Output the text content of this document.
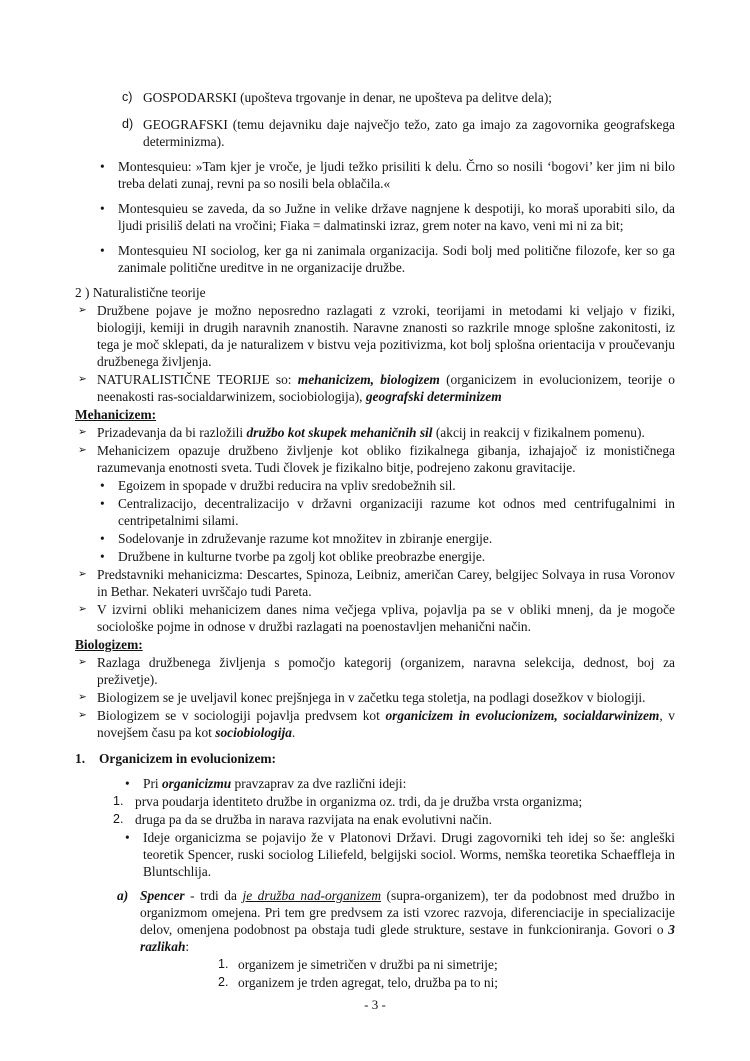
c) GOSPODARSKI (upošteva trgovanje in denar, ne upošteva pa delitve dela);
d) GEOGRAFSKI (temu dejavniku daje največjo težo, zato ga imajo za zagovornika geografskega determinizma).
• Montesquieu: »Tam kjer je vroče, je ljudi težko prisiliti k delu. Črno so nosili ‘bogovi’ ker jim ni bilo treba delati zunaj, revni pa so nosili bela oblačila.«
• Montesquieu se zaveda, da so Južne in velike države nagnjene k despotiji, ko moraš uporabiti silo, da ljudi prisiliš delati na vročini; Fiaka = dalmatinski izraz, grem noter na kavo, veni mi ni za bit;
• Montesquieu NI sociolog, ker ga ni zanimala organizacija. Sodi bolj med politične filozofe, ker so ga zanimale politične ureditve in ne organizacije družbe.
2 ) Naturalistične teorije
➢ Družbene pojave je možno neposredno razlagati z vzroki, teorijami in metodami ki veljajo v fiziki, biologiji, kemiji in drugih naravnih znanostih. Naravne znanosti so razkrile mnoge splošne zakonitosti, iz tega je moč sklepati, da je naturalizem v bistvu veja pozitivizma, kot bolj splošna orientacija v proučevanju družbenega življenja.
➢ NATURALISTIČNE TEORIJE so: mehanicizem, biologizem (organicizem in evolucionizem, teorije o neenakosti ras-socialdarwinizem, sociobiologija), geografski determinizem
Mehanicizem:
➢ Prizadevanja da bi razložili družbo kot skupek mehaničnih sil (akcij in reakcij v fizikalnem pomenu).
➢ Mehanicizem opazuje družbeno življenje kot obliko fizikalnega gibanja, izhajajoč iz monističnega razumevanja enotnosti sveta. Tudi človek je fizikalno bitje, podrejeno zakonu gravitacije.
• Egoizem in spopade v družbi reducira na vpliv sredobežnih sil.
• Centralizacijo, decentralizacijo v državni organizaciji razume kot odnos med centrifugalnimi in centripetalnimi silami.
• Sodelovanje in združevanje razume kot množitev in zbiranje energije.
• Družbene in kulturne tvorbe pa zgolj kot oblike preobrazbe energije.
➢ Predstavniki mehanicizma: Descartes, Spinoza, Leibniz, američan Carey, belgijec Solvaya in rusa Voronov in Bethar. Nekateri uvrščajo tudi Pareta.
➢ V izvirni obliki mehanicizem danes nima večjega vpliva, pojavlja pa se v obliki mnenj, da je mogoče sociološke pojme in odnose v družbi razlagati na poenostavljen mehanični način.
Biologizem:
➢ Razlaga družbenega življenja s pomočjo kategorij (organizem, naravna selekcija, dednost, boj za preživetje).
➢ Biologizem se je uveljavil konec prejšnjega in v začetku tega stoletja, na podlagi dosežkov v biologiji.
➢ Biologizem se v sociologiji pojavlja predvsem kot organicizem in evolucionizem, socialdarwinizem, v novejšem času pa kot sociobiologija.
1.	Organicizem in evolucionizem:
• Pri organicizmu pravzaprav za dve različni ideji:
1. prva poudarja identiteto družbe in organizma oz. trdi, da je družba vrsta organizma;
2. druga pa da se družba in narava razvijata na enak evolutivni način.
• Ideje organicizma se pojavijo že v Platonovi Državi. Drugi zagovorniki teh idej so še: angleški teoretik Spencer, ruski sociolog Liliefeld, belgijski sociol. Worms, nemška teoretika Schaeffleja in Bluntschlija.
a) Spencer - trdi da je družba nad-organizem (supra-organizem), ter da podobnost med družbo in organizmom omejena. Pri tem gre predvsem za isti vzorec razvoja, diferenciacije in specializacije delov, omenjena podobnost pa obstaja tudi glede strukture, sestave in funkcioniranja. Govori o 3 razlikah:
1. organizem je simetričen v družbi pa ni simetrije;
2. organizem je trden agregat, telo, družba pa to ni;
- 3 -
